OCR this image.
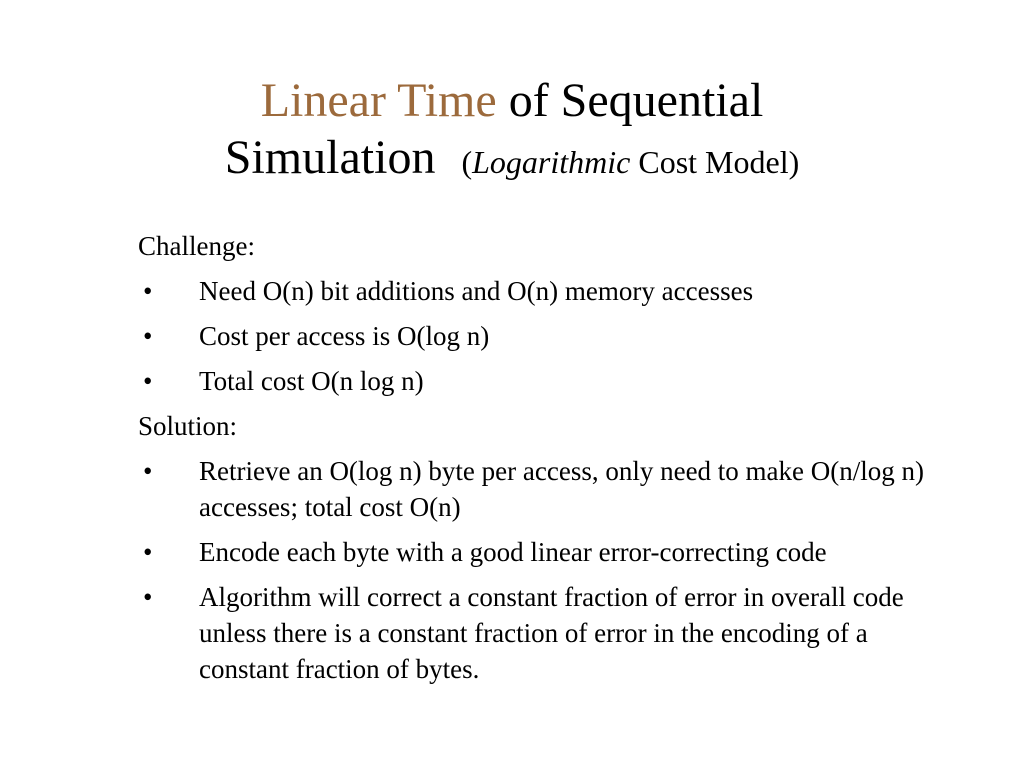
Linear Time of Sequential
Simulation (Logarithmic Cost Model)
Challenge:
• Need O(n) bit additions and O(n) memory accesses
• Cost per access is O(log n)
• Total cost O(n log n)
Solution:
• Retrieve an O(log n) byte per access, only need to make O(n/log n) accesses; total cost O(n)
• Encode each byte with a good linear error-correcting code
• Algorithm will correct a constant fraction of error in overall code unless there is a constant fraction of error in the encoding of a constant fraction of bytes.
